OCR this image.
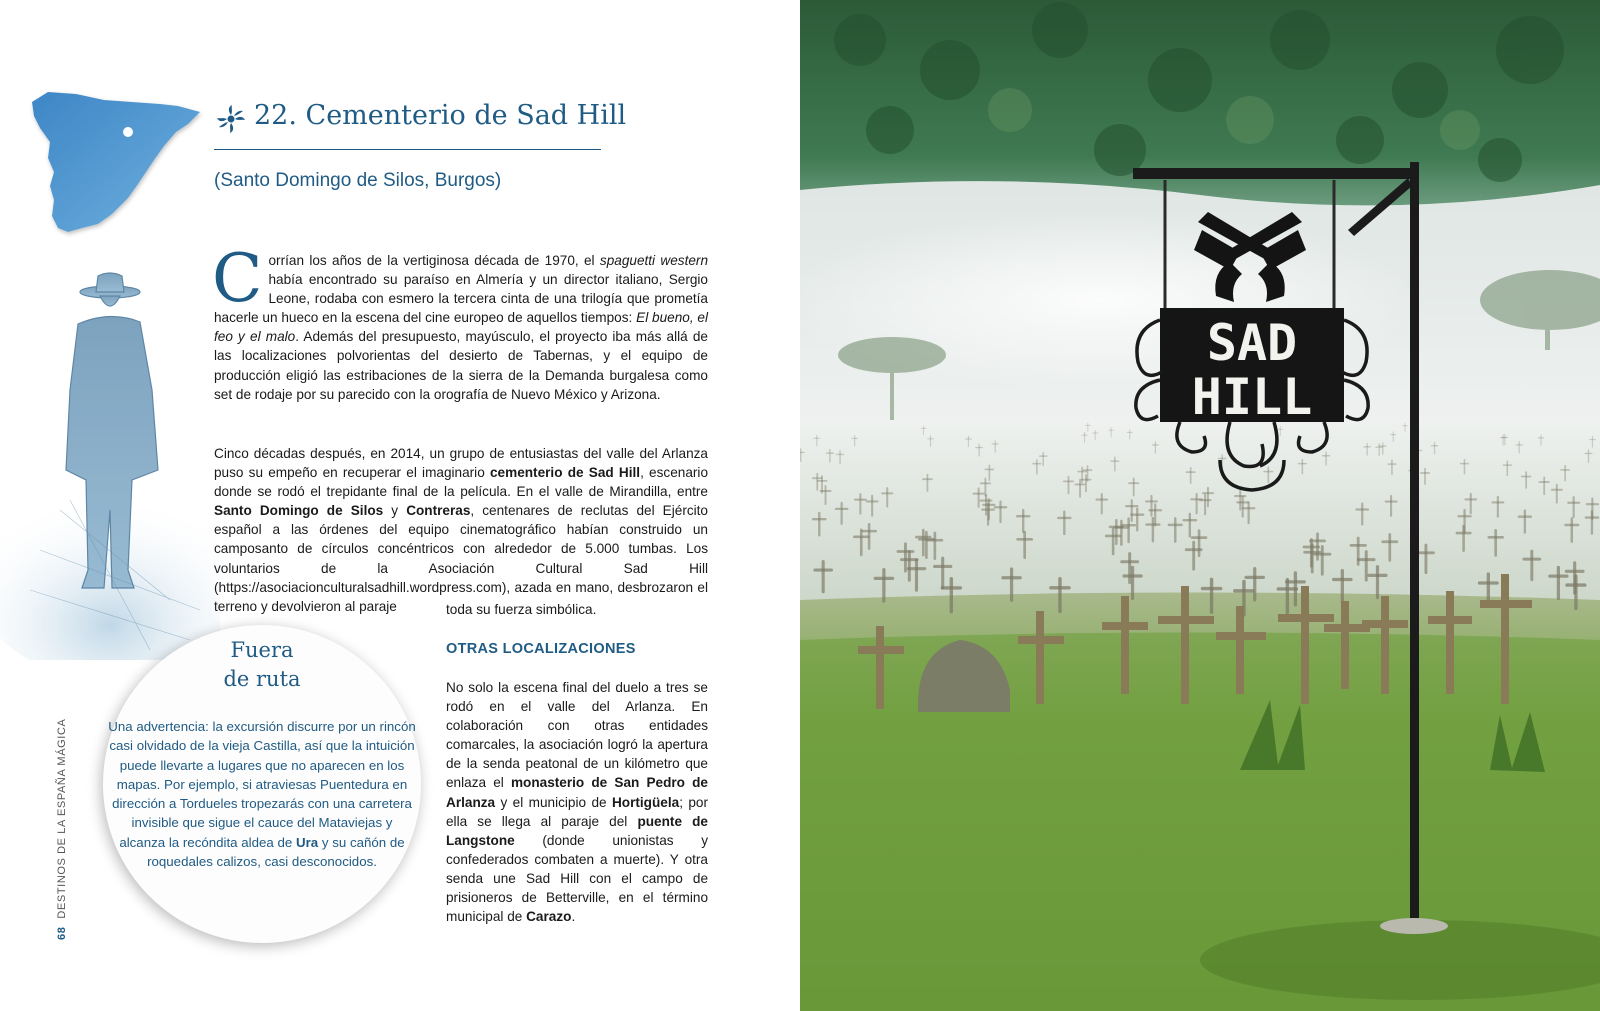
22. Cementerio de Sad Hill
(Santo Domingo de Silos, Burgos)
Corrían los años de la vertiginosa década de 1970, el spaguetti western había encontrado su paraíso en Almería y un director italiano, Sergio Leone, rodaba con esmero la tercera cinta de una trilogía que prometía hacerle un hueco en la escena del cine europeo de aquellos tiempos: El bueno, el feo y el malo. Además del presupuesto, mayúsculo, el proyecto iba más allá de las localizaciones polvorientas del desierto de Tabernas, y el equipo de producción eligió las estribaciones de la sierra de la Demanda burgalesa como set de rodaje por su parecido con la orografía de Nuevo México y Arizona.
Cinco décadas después, en 2014, un grupo de entusiastas del valle del Arlanza puso su empeño en recuperar el imaginario cementerio de Sad Hill, escenario donde se rodó el trepidante final de la película. En el valle de Mirandilla, entre Santo Domingo de Silos y Contreras, centenares de reclutas del Ejército español a las órdenes del equipo cinematográfico habían construido un camposanto de círculos concéntricos con alrededor de 5.000 tumbas. Los voluntarios de la Asociación Cultural Sad Hill (https://asociacionculturalsadhill.wordpress.com), azada en mano, desbrozaron el terreno y devolvieron al paraje	toda su fuerza simbólica.
OTRAS LOCALIZACIONES
No solo la escena final del duelo a tres se rodó en el valle del Arlanza. En colaboración con otras entidades comarcales, la asociación logró la apertura de la senda peatonal de un kilómetro que enlaza el monasterio de San Pedro de Arlanza y el municipio de Hortigüela; por ella se llega al paraje del puente de Langstone (donde unionistas y confederados combaten a muerte). Y otra senda une Sad Hill con el campo de prisioneros de Betterville, en el término municipal de Carazo.
Fuera
de ruta
Una advertencia: la excursión discurre por un rincón casi olvidado de la vieja Castilla, así que la intuición puede llevarte a lugares que no aparecen en los mapas. Por ejemplo, si atraviesas Puentedura en dirección a Tordueles tropezarás con una carretera invisible que sigue el cauce del Mataviejas y alcanza la recóndita aldea de Ura y su cañón de roquedales calizos, casi desconocidos.
68DESTINOS DE LA ESPAÑA MÁGICA
SAD
HILL
